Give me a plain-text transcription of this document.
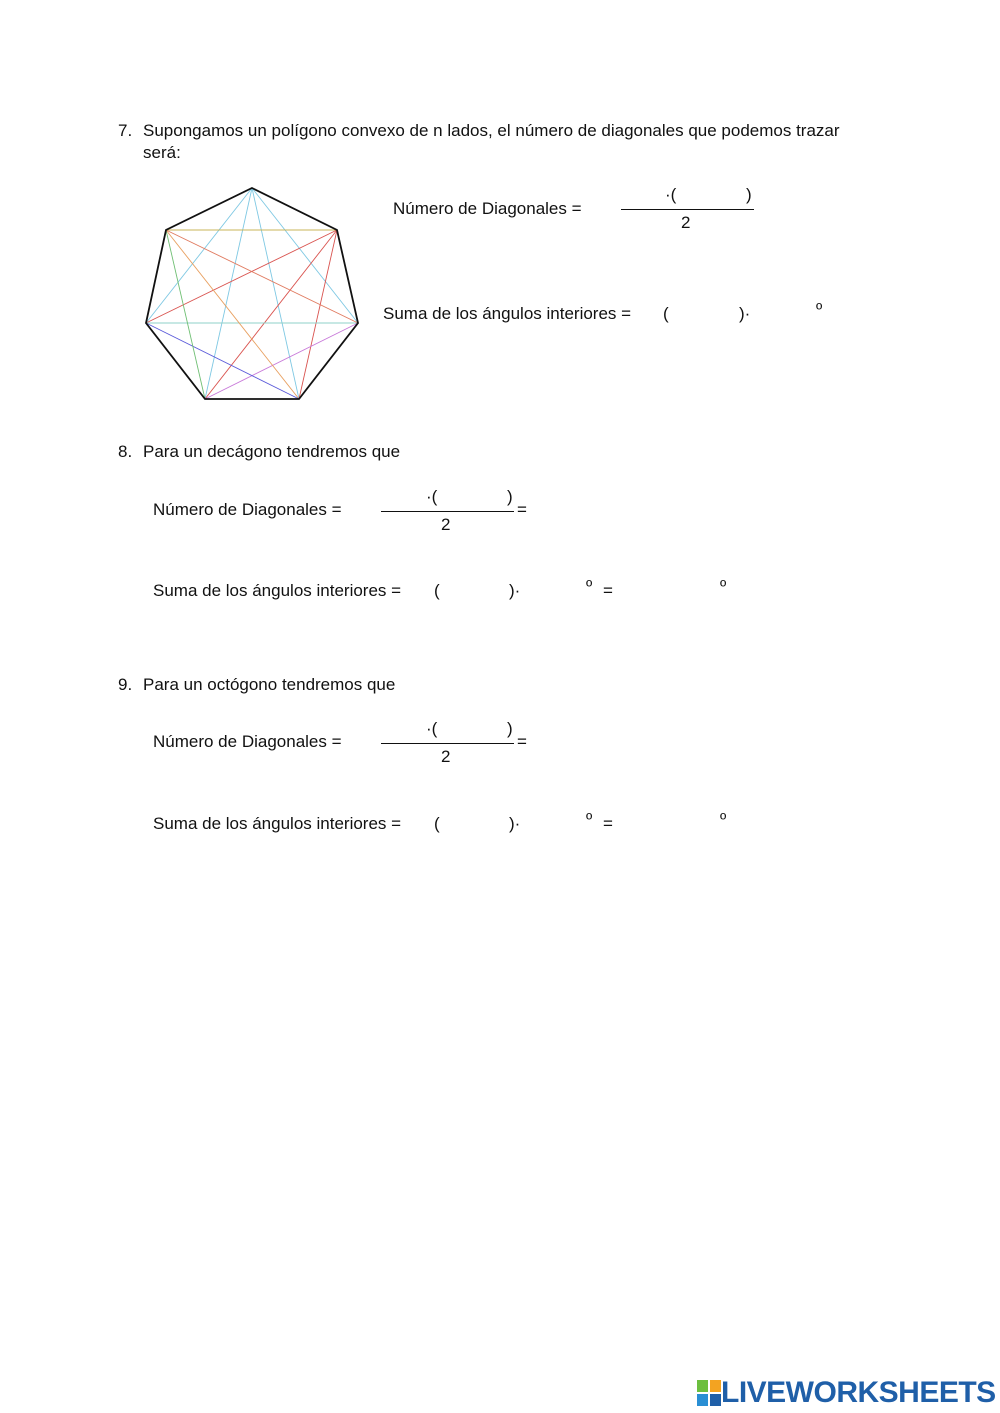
7. Supongamos un polígono convexo de n lados, el número de diagonales que podemos trazar
será:
Número de Diagonales =
·(	)
2
Suma de los ángulos interiores = (	)·	º
8. Para un decágono tendremos que
Número de Diagonales =
·(	)
2
=
Suma de los ángulos interiores = (	)·	º =	º
9. Para un octógono tendremos que
Número de Diagonales =
·(	)
2
=
Suma de los ángulos interiores = (	)·	º =	º
LIVEWORKSHEETS
